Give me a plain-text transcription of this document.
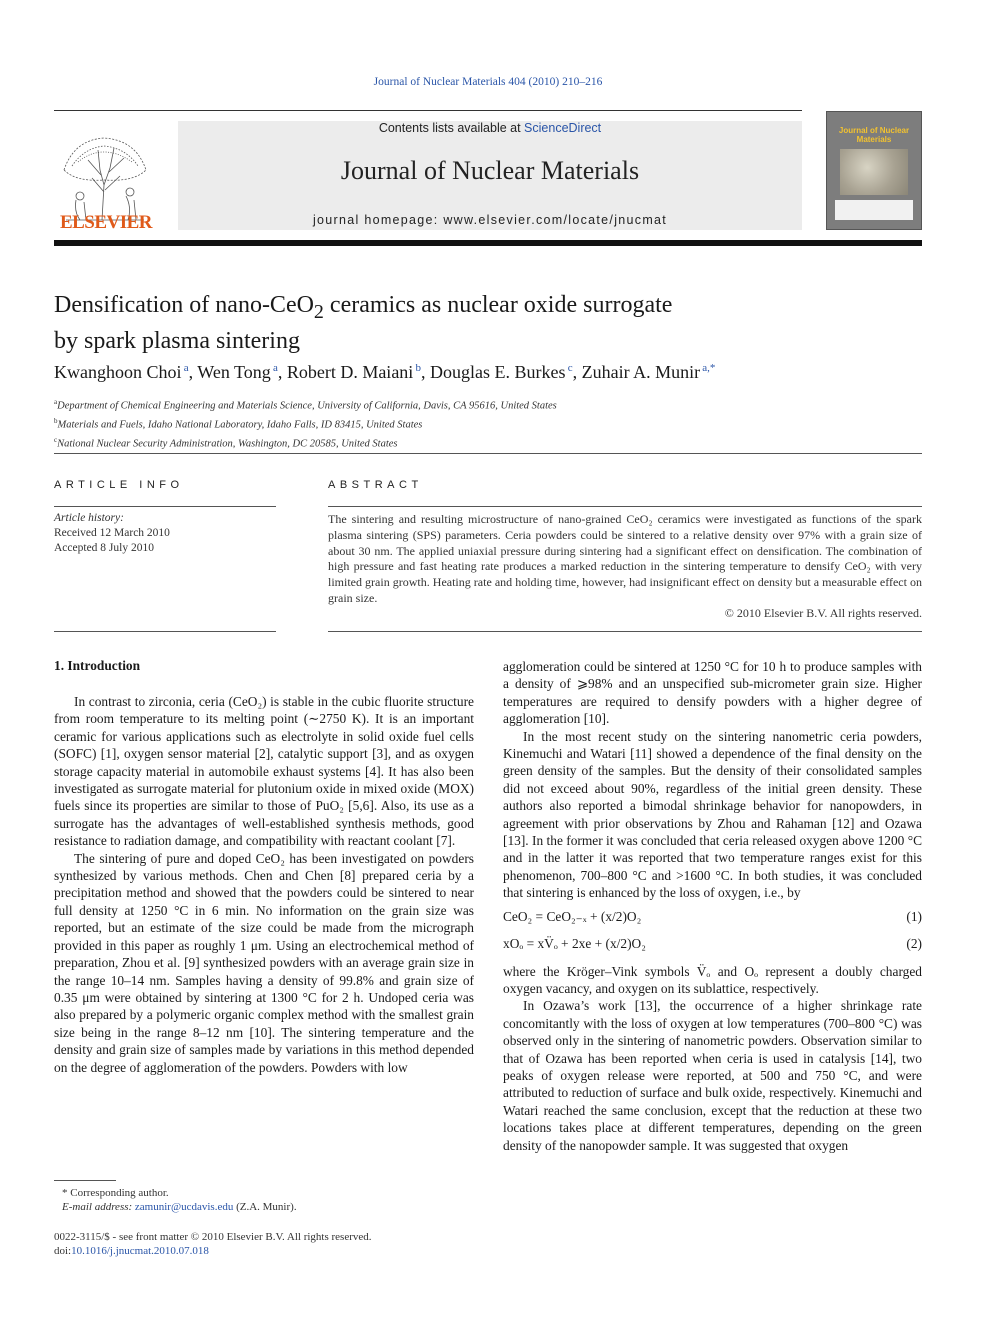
Journal of Nuclear Materials 404 (2010) 210–216
ELSEVIER
Contents lists available at ScienceDirect
Journal of Nuclear Materials
journal homepage: www.elsevier.com/locate/jnucmat
Journal of Nuclear Materials
Densification of nano-CeO$_2$ ceramics as nuclear oxide surrogate
by spark plasma sintering
Kwanghoon Choi  $^a$, Wen Tong  $^a$, Robert D. Maiani  $^b$, Douglas E. Burkes  $^c$, Zuhair A. Munir  $^{a,*}$
$^a$Department of Chemical Engineering and Materials Science, University of California, Davis, CA 95616, United States
$^b$Materials and Fuels, Idaho National Laboratory, Idaho Falls, ID 83415, United States
$^c$National Nuclear Security Administration, Washington, DC 20585, United States
ARTICLE INFO	ABSTRACT
Article history:
Received 12 March 2010
Accepted 8 July 2010
The sintering and resulting microstructure of nano-grained CeO₂ ceramics were investigated as functions of the spark plasma sintering (SPS) parameters. Ceria powders could be sintered to a relative density over 97% with a grain size of about 30 nm. The applied uniaxial pressure during sintering had a significant effect on densification. The combination of high pressure and fast heating rate produces a marked reduction in the sintering temperature to densify CeO₂ with very limited grain growth. Heating rate and holding time, however, had insignificant effect on density but a measurable effect on grain size.
© 2010 Elsevier B.V. All rights reserved.
1. Introduction

In contrast to zirconia, ceria (CeO₂) is stable in the cubic fluorite structure from room temperature to its melting point (∼2750 K). It is an important ceramic for various applications such as electrolyte in solid oxide fuel cells (SOFC) [1], oxygen sensor material [2], catalytic support [3], and as oxygen storage capacity material in automobile exhaust systems [4]. It has also been investigated as surrogate material for plutonium oxide in mixed oxide (MOX) fuels since its properties are similar to those of PuO₂ [5,6]. Also, its use as a surrogate has the advantages of well-established synthesis methods, good resistance to radiation damage, and compatibility with reactant coolant [7].

The sintering of pure and doped CeO₂ has been investigated on powders synthesized by various methods. Chen and Chen [8] prepared ceria by a precipitation method and showed that the powders could be sintered to near full density at 1250 °C in 6 min. No information on the grain size was reported, but an estimate of the size could be made from the micrograph provided in this paper as roughly 1 μm. Using an electrochemical method of preparation, Zhou et al. [9] synthesized powders with an average grain size in the range 10–14 nm. Samples having a density of 99.8% and grain size of 0.35 μm were obtained by sintering at 1300 °C for 2 h. Undoped ceria was also prepared by a polymeric organic complex method with the smallest grain size being in the range 8–12 nm [10]. The sintering temperature and the density and grain size of samples made by variations in this method depended on the degree of agglomeration of the powders. Powders with low

agglomeration could be sintered at 1250 °C for 10 h to produce samples with a density of ⩾98% and an unspecified sub-micrometer grain size. Higher temperatures are required to densify powders with a higher degree of agglomeration [10].

In the most recent study on the sintering nanometric ceria powders, Kinemuchi and Watari [11] showed a dependence of the final density on the green density of the samples. But the density of their consolidated samples did not exceed about 90%, regardless of the initial green density. These authors also reported a bimodal shrinkage behavior for nanopowders, in agreement with prior observations by Zhou and Rahaman [12] and Ozawa [13]. In the former it was concluded that ceria released oxygen above 1200 °C and in the latter it was reported that two temperature ranges exist for this phenomenon, 700–800 °C and >1600 °C. In both studies, it was concluded that sintering is enhanced by the loss of oxygen, i.e., by

CeO₂ = CeO₂₋ₓ + (x/2)O₂	(1)
xOₒ = xV̈ₒ + 2xe + (x/2)O₂	(2)

where the Kröger–Vink symbols V̈ₒ and Oₒ represent a doubly charged oxygen vacancy, and oxygen on its sublattice, respectively.

In Ozawa’s work [13], the occurrence of a higher shrinkage rate concomitantly with the loss of oxygen at low temperatures (700–800 °C) was observed only in the sintering of nanometric powders. Observation similar to that of Ozawa has been reported when ceria is used in catalysis [14], two peaks of oxygen release were reported, at 500 and 750 °C, and were attributed to reduction of surface and bulk oxide, respectively. Kinemuchi and Watari reached the same conclusion, except that the reduction at these two locations takes place at different temperatures, depending on the green density of the nanopowder sample. It was suggested that oxygen

* Corresponding author.
E-mail address: zamunir@ucdavis.edu (Z.A. Munir).
0022-3115/$ - see front matter © 2010 Elsevier B.V. All rights reserved.
doi:10.1016/j.jnucmat.2010.07.018
